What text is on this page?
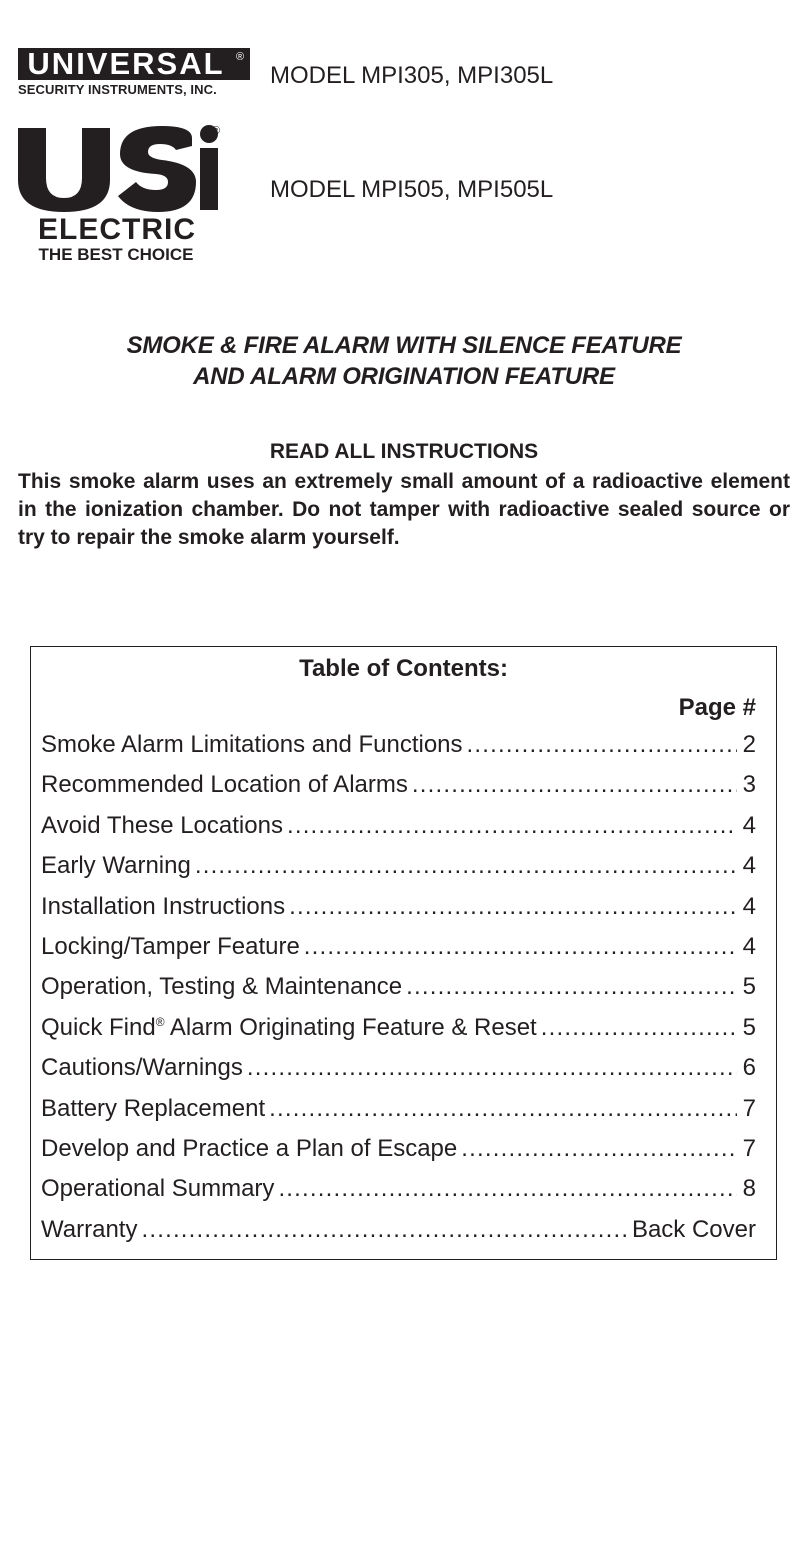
UNIVERSAL ®
SECURITY INSTRUMENTS, INC.
MODEL MPI305, MPI305L
MODEL MPI505, MPI505L
®
ELECTRIC
THE BEST CHOICE
SMOKE & FIRE ALARM WITH SILENCE FEATURE
AND ALARM ORIGINATION FEATURE
READ ALL INSTRUCTIONS
This smoke alarm uses an extremely small amount of a radioactive element in the ionization chamber. Do not tamper with radioactive sealed source or try to repair the smoke alarm yourself.
Table of Contents:
Page #
Smoke Alarm Limitations and Functions .....	2
Recommended Location of Alarms .....	3
Avoid These Locations .....	4
Early Warning .....	4
Installation Instructions .....	4
Locking/Tamper Feature .....	4
Operation, Testing & Maintenance .....	5
Quick Find® Alarm Originating Feature & Reset .....	5
Cautions/Warnings .....	6
Battery Replacement .....	7
Develop and Practice a Plan of Escape .....	7
Operational Summary .....	8
Warranty .....	Back Cover
